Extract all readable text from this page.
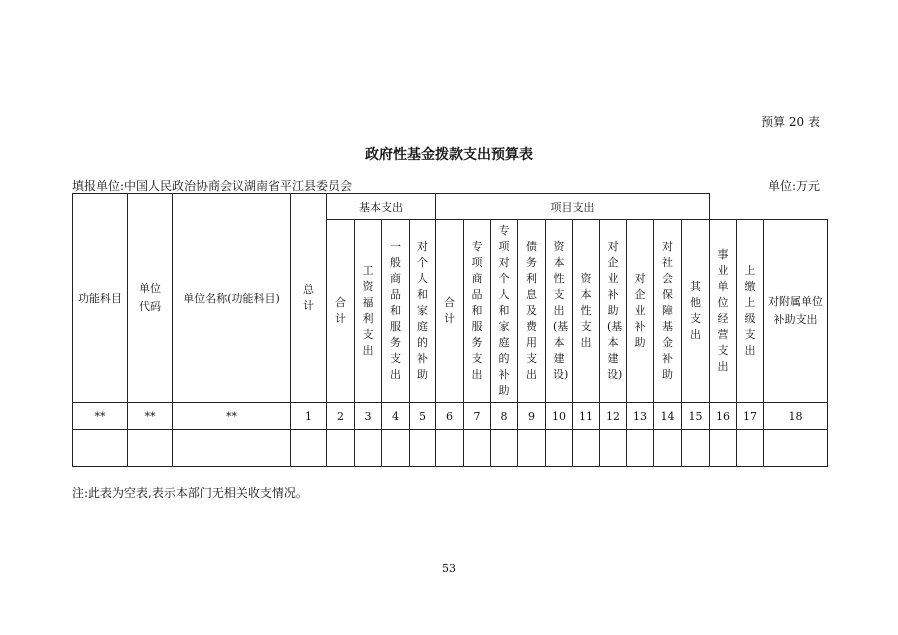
预算 20 表
政府性基金拨款支出预算表
填报单位:中国人民政治协商会议湖南省平江县委员会	单位:万元
功能科目	单位代码	单位名称(功能科目)	总计	基本支出				项目支出												
				合计	工资福利支出	一般商品和服务支出	对个人和家庭的补助	合计	专项商品和服务支出	专项对个人和家庭的补助	债务利息及费用支出	资本性支出(基本建设)	资本性支出	对企业补助(基本建设)	对企业补助	对社会保障基金补助	其他支出	事业单位经营支出	上缴上级支出	对附属单位补助支出
**	**	**	1	2	3	4	5	6	7	8	9	10	11	12	13	14	15	16	17	18

注:此表为空表,表示本部门无相关收支情况。
53
